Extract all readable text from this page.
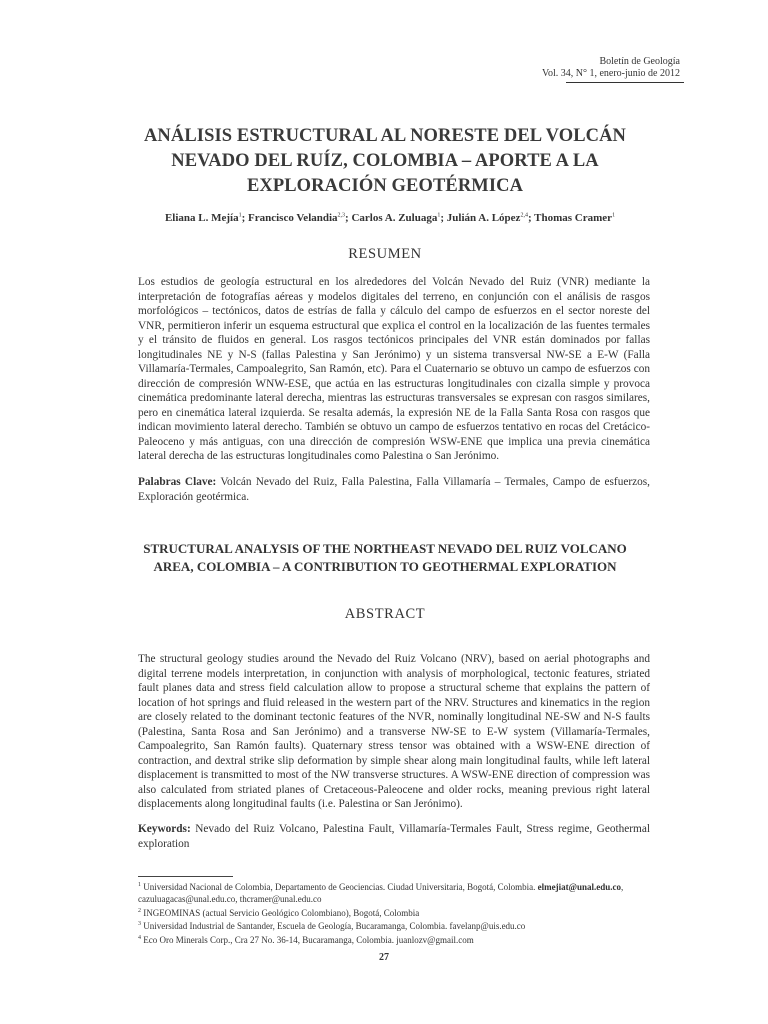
Boletín de Geología
Vol. 34, N° 1, enero-junio de 2012
ANÁLISIS ESTRUCTURAL AL NORESTE DEL VOLCÁN NEVADO DEL RUÍZ, COLOMBIA – APORTE A LA EXPLORACIÓN GEOTÉRMICA
Eliana L. Mejía$^1$; Francisco Velandia$^{2,3}$; Carlos A. Zuluaga$^1$; Julián A. López$^{2,4}$; Thomas Cramer$^1$
RESUMEN
Los estudios de geología estructural en los alrededores del Volcán Nevado del Ruiz (VNR) mediante la interpretación de fotografías aéreas y modelos digitales del terreno, en conjunción con el análisis de rasgos morfológicos – tectónicos, datos de estrías de falla y cálculo del campo de esfuerzos en el sector noreste del VNR, permitieron inferir un esquema estructural que explica el control en la localización de las fuentes termales y el tránsito de fluidos en general. Los rasgos tectónicos principales del VNR están dominados por fallas longitudinales NE y N-S (fallas Palestina y San Jerónimo) y un sistema transversal NW-SE a E-W (Falla Villamaría-Termales, Campoalegrito, San Ramón, etc). Para el Cuaternario se obtuvo un campo de esfuerzos con dirección de compresión WNW-ESE, que actúa en las estructuras longitudinales con cizalla simple y provoca cinemática predominante lateral derecha, mientras las estructuras transversales se expresan con rasgos similares, pero en cinemática lateral izquierda. Se resalta además, la expresión NE de la Falla Santa Rosa con rasgos que indican movimiento lateral derecho. También se obtuvo un campo de esfuerzos tentativo en rocas del Cretácico-Paleoceno y más antiguas, con una dirección de compresión WSW-ENE que implica una previa cinemática lateral derecha de las estructuras longitudinales como Palestina o San Jerónimo.
Palabras Clave: Volcán Nevado del Ruiz, Falla Palestina, Falla Villamaría – Termales, Campo de esfuerzos, Exploración geotérmica.
STRUCTURAL ANALYSIS OF THE NORTHEAST NEVADO DEL RUIZ VOLCANO AREA, COLOMBIA – A CONTRIBUTION TO GEOTHERMAL EXPLORATION
ABSTRACT
The structural geology studies around the Nevado del Ruiz Volcano (NRV), based on aerial photographs and digital terrene models interpretation, in conjunction with analysis of morphological, tectonic features, striated fault planes data and stress field calculation allow to propose a structural scheme that explains the pattern of location of hot springs and fluid released in the western part of the NRV. Structures and kinematics in the region are closely related to the dominant tectonic features of the NVR, nominally longitudinal NE-SW and N-S faults (Palestina, Santa Rosa and San Jerónimo) and a transverse NW-SE to E-W system (Villamaría-Termales, Campoalegrito, San Ramón faults). Quaternary stress tensor was obtained with a WSW-ENE direction of contraction, and dextral strike slip deformation by simple shear along main longitudinal faults, while left lateral displacement is transmitted to most of the NW transverse structures. A WSW-ENE direction of compression was also calculated from striated planes of Cretaceous-Paleocene and older rocks, meaning previous right lateral displacements along longitudinal faults (i.e. Palestina or San Jerónimo).
Keywords: Nevado del Ruiz Volcano, Palestina Fault, Villamaría-Termales Fault, Stress regime, Geothermal exploration
$^1$ Universidad Nacional de Colombia, Departamento de Geociencias. Ciudad Universitaria, Bogotá, Colombia. elmejiat@unal.edu.co, cazuluagacas@unal.edu.co, thcramer@unal.edu.co
$^2$ INGEOMINAS (actual Servicio Geológico Colombiano), Bogotá, Colombia
$^3$ Universidad Industrial de Santander, Escuela de Geología, Bucaramanga, Colombia. favelanp@uis.edu.co
$^4$ Eco Oro Minerals Corp., Cra 27 No. 36-14, Bucaramanga, Colombia. juanlozv@gmail.com
27
